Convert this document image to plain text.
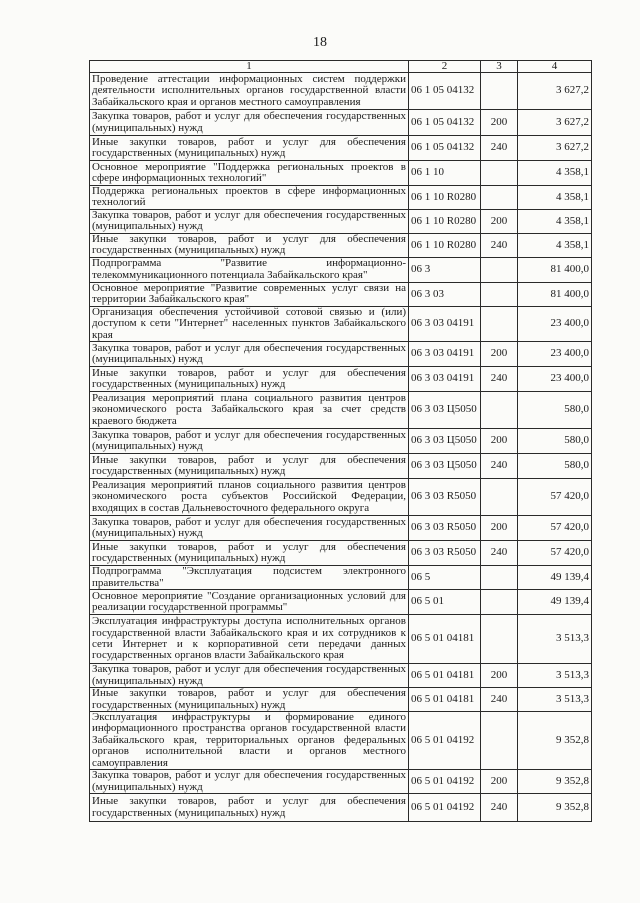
18
1	2	3	4
Проведение аттестации информационных систем поддержки деятельности исполнительных органов государственной власти Забайкальского края и органов местного самоуправления	06 1 05 04132		3 627,2
Закупка товаров, работ и услуг для обеспечения государственных (муниципальных) нужд	06 1 05 04132	200	3 627,2
Иные закупки товаров, работ и услуг для обеспечения государственных (муниципальных) нужд	06 1 05 04132	240	3 627,2
Основное мероприятие "Поддержка региональных проектов в сфере информационных технологий"	06 1 10		4 358,1
Поддержка региональных проектов в сфере информационных технологий	06 1 10 R0280		4 358,1
Закупка товаров, работ и услуг для обеспечения государственных (муниципальных) нужд	06 1 10 R0280	200	4 358,1
Иные закупки товаров, работ и услуг для обеспечения государственных (муниципальных) нужд	06 1 10 R0280	240	4 358,1
Подпрограмма "Развитие информационно-телекоммуникационного потенциала Забайкальского края"	06 3		81 400,0
Основное мероприятие "Развитие современных услуг связи на территории Забайкальского края"	06 3 03		81 400,0
Организация обеспечения устойчивой сотовой связью и (или) доступом к сети "Интернет" населенных пунктов Забайкальского края	06 3 03 04191		23 400,0
Закупка товаров, работ и услуг для обеспечения государственных (муниципальных) нужд	06 3 03 04191	200	23 400,0
Иные закупки товаров, работ и услуг для обеспечения государственных (муниципальных) нужд	06 3 03 04191	240	23 400,0
Реализация мероприятий плана социального развития центров экономического роста Забайкальского края за счет средств краевого бюджета	06 3 03 Ц5050		580,0
Закупка товаров, работ и услуг для обеспечения государственных (муниципальных) нужд	06 3 03 Ц5050	200	580,0
Иные закупки товаров, работ и услуг для обеспечения государственных (муниципальных) нужд	06 3 03 Ц5050	240	580,0
Реализация мероприятий планов социального развития центров экономического роста субъектов Российской Федерации, входящих в состав Дальневосточного федерального округа	06 3 03 R5050		57 420,0
Закупка товаров, работ и услуг для обеспечения государственных (муниципальных) нужд	06 3 03 R5050	200	57 420,0
Иные закупки товаров, работ и услуг для обеспечения государственных (муниципальных) нужд	06 3 03 R5050	240	57 420,0
Подпрограмма "Эксплуатация подсистем электронного правительства"	06 5		49 139,4
Основное мероприятие "Создание организационных условий для реализации государственной программы"	06 5 01		49 139,4
Эксплуатация инфраструктуры доступа исполнительных органов государственной власти Забайкальского края и их сотрудников к сети Интернет и к корпоративной сети передачи данных государственных органов власти Забайкальского края	06 5 01 04181		3 513,3
Закупка товаров, работ и услуг для обеспечения государственных (муниципальных) нужд	06 5 01 04181	200	3 513,3
Иные закупки товаров, работ и услуг для обеспечения государственных (муниципальных) нужд	06 5 01 04181	240	3 513,3
Эксплуатация инфраструктуры и формирование единого информационного пространства органов государственной власти Забайкальского края, территориальных органов федеральных органов исполнительной власти и органов местного самоуправления	06 5 01 04192		9 352,8
Закупка товаров, работ и услуг для обеспечения государственных (муниципальных) нужд	06 5 01 04192	200	9 352,8
Иные закупки товаров, работ и услуг для обеспечения государственных (муниципальных) нужд	06 5 01 04192	240	9 352,8
